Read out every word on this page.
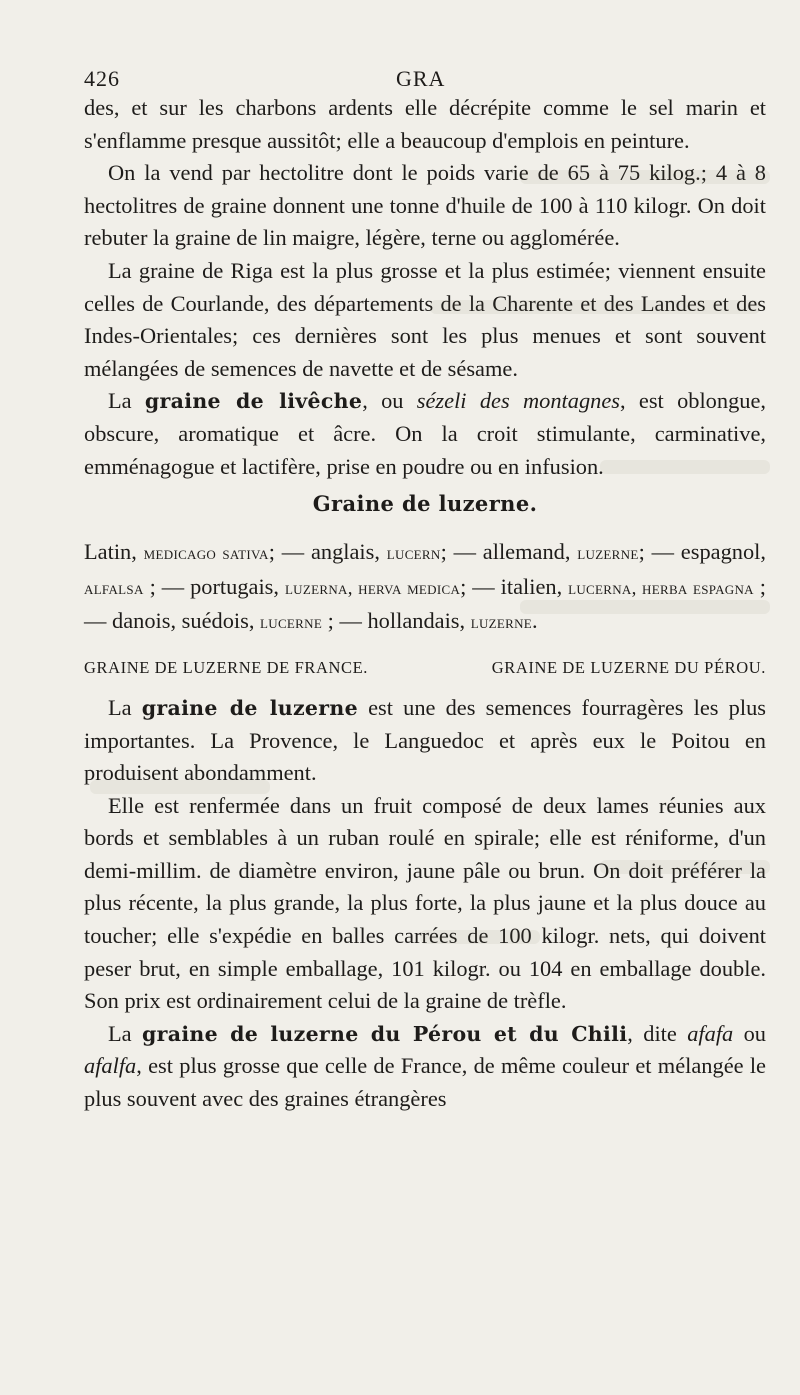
426	GRA

des, et sur les charbons ardents elle décrépite comme le sel marin et s'enflamme presque aussitôt; elle a beaucoup d'emplois en peinture.

On la vend par hectolitre dont le poids varie de 65 à 75 kilog.; 4 à 8 hectolitres de graine donnent une tonne d'huile de 100 à 110 kilogr. On doit rebuter la graine de lin maigre, légère, terne ou agglomérée.

La graine de Riga est la plus grosse et la plus estimée; viennent ensuite celles de Courlande, des départements de la Charente et des Landes et des Indes-Orientales; ces dernières sont les plus menues et sont souvent mélangées de semences de navette et de sésame.

La graine de livêche, ou sézeli des montagnes, est oblongue, obscure, aromatique et âcre. On la croit stimulante, carminative, emménagogue et lactifère, prise en poudre ou en infusion.

Graine de luzerne.
Latin, medicago sativa; — anglais, lucern; — allemand, luzerne; — espagnol, alfalsa ; — portugais, luzerna, herva medica; — italien, lucerna, herba espagna ; — danois, suédois, lucerne ; — hollandais, luzerne.
GRAINE DE LUZERNE DE FRANCE.	GRAINE DE LUZERNE DU PÉROU.

La graine de luzerne est une des semences fourragères les plus importantes. La Provence, le Languedoc et après eux le Poitou en produisent abondamment.

Elle est renfermée dans un fruit composé de deux lames réunies aux bords et semblables à un ruban roulé en spirale; elle est réniforme, d'un demi-millim. de diamètre environ, jaune pâle ou brun. On doit préférer la plus récente, la plus grande, la plus forte, la plus jaune et la plus douce au toucher; elle s'expédie en balles carrées de 100 kilogr. nets, qui doivent peser brut, en simple emballage, 101 kilogr. ou 104 en emballage double. Son prix est ordinairement celui de la graine de trèfle.

La graine de luzerne du Pérou et du Chili, dite afafa ou afalfa, est plus grosse que celle de France, de même couleur et mélangée le plus souvent avec des graines étrangères
